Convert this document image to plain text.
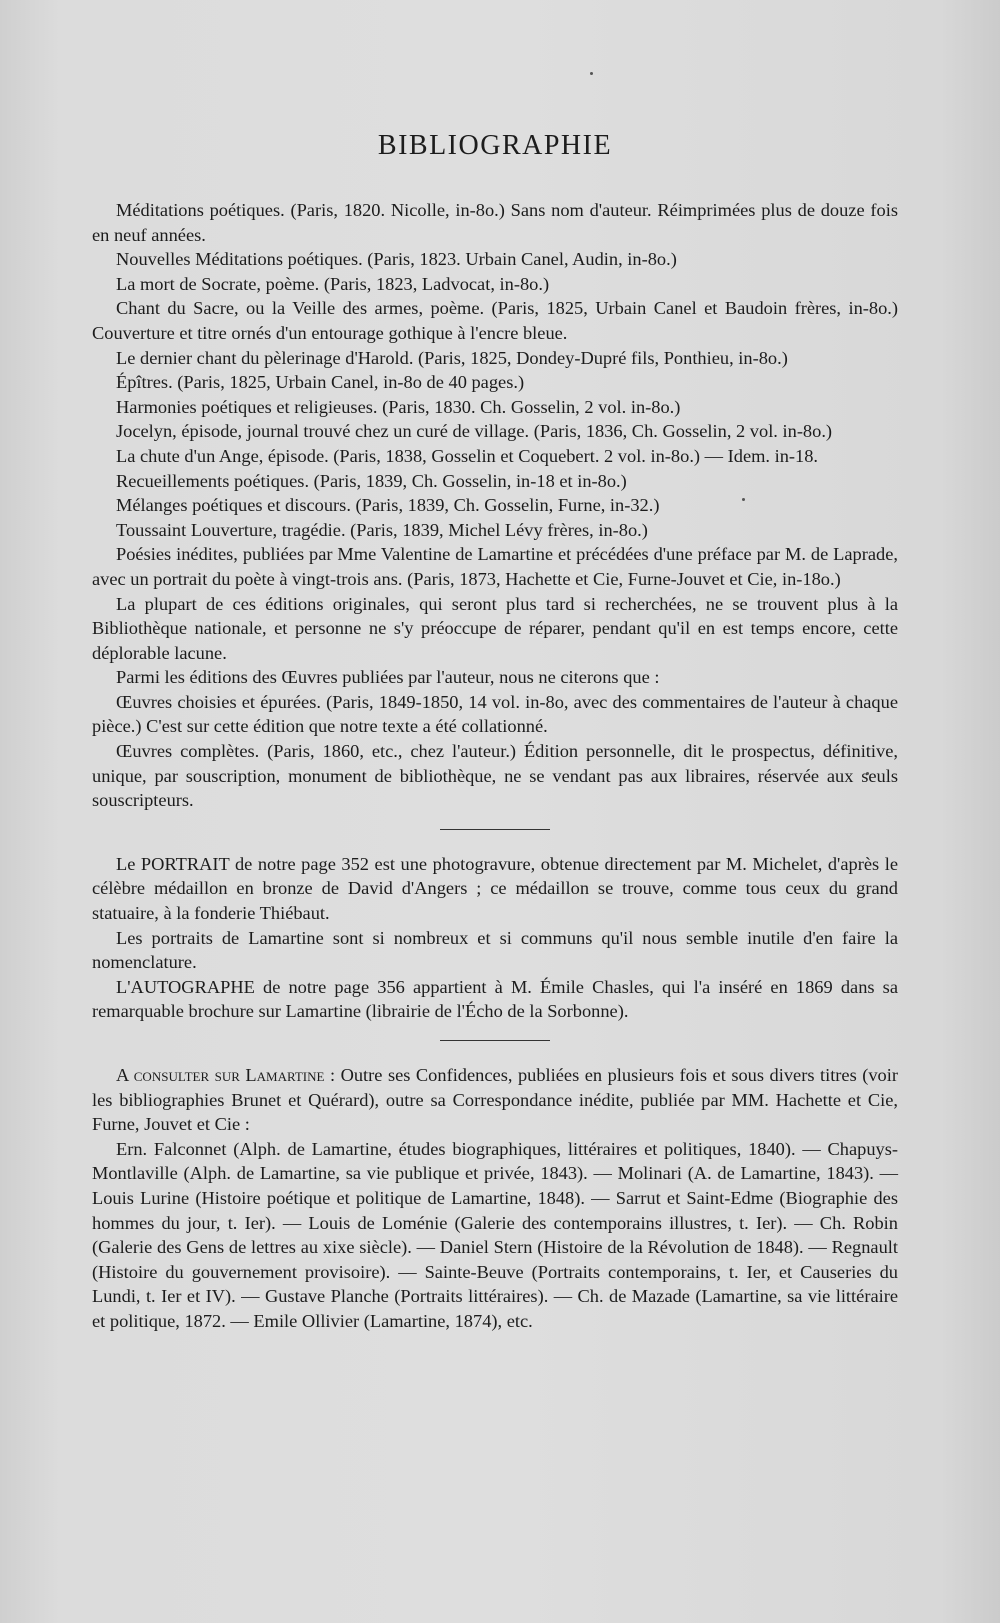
BIBLIOGRAPHIE

Méditations poétiques. (Paris, 1820. Nicolle, in-8o.) Sans nom d'auteur. Réimprimées plus de douze fois en neuf années.

Nouvelles Méditations poétiques. (Paris, 1823. Urbain Canel, Audin, in-8o.)

La mort de Socrate, poème. (Paris, 1823, Ladvocat, in-8o.)

Chant du Sacre, ou la Veille des armes, poème. (Paris, 1825, Urbain Canel et Baudoin frères, in-8o.) Couverture et titre ornés d'un entourage gothique à l'encre bleue.

Le dernier chant du pèlerinage d'Harold. (Paris, 1825, Dondey-Dupré fils, Ponthieu, in-8o.)

Épîtres. (Paris, 1825, Urbain Canel, in-8o de 40 pages.)

Harmonies poétiques et religieuses. (Paris, 1830. Ch. Gosselin, 2 vol. in-8o.)

Jocelyn, épisode, journal trouvé chez un curé de village. (Paris, 1836, Ch. Gosselin, 2 vol. in-8o.)

La chute d'un Ange, épisode. (Paris, 1838, Gosselin et Coquebert. 2 vol. in-8o.) — Idem. in-18.

Recueillements poétiques. (Paris, 1839, Ch. Gosselin, in-18 et in-8o.)

Mélanges poétiques et discours. (Paris, 1839, Ch. Gosselin, Furne, in-32.)

Toussaint Louverture, tragédie. (Paris, 1839, Michel Lévy frères, in-8o.)

Poésies inédites, publiées par Mme Valentine de Lamartine et précédées d'une préface par M. de Laprade, avec un portrait du poète à vingt-trois ans. (Paris, 1873, Hachette et Cie, Furne-Jouvet et Cie, in-18o.)

La plupart de ces éditions originales, qui seront plus tard si recherchées, ne se trouvent plus à la Bibliothèque nationale, et personne ne s'y préoccupe de réparer, pendant qu'il en est temps encore, cette déplorable lacune.

Parmi les éditions des Œuvres publiées par l'auteur, nous ne citerons que :

Œuvres choisies et épurées. (Paris, 1849-1850, 14 vol. in-8o, avec des commentaires de l'auteur à chaque pièce.) C'est sur cette édition que notre texte a été collationné.

Œuvres complètes. (Paris, 1860, etc., chez l'auteur.) Édition personnelle, dit le prospectus, définitive, unique, par souscription, monument de bibliothèque, ne se vendant pas aux libraires, réservée aux seuls souscripteurs.

Le PORTRAIT de notre page 352 est une photogravure, obtenue directement par M. Michelet, d'après le célèbre médaillon en bronze de David d'Angers ; ce médaillon se trouve, comme tous ceux du grand statuaire, à la fonderie Thiébaut.

Les portraits de Lamartine sont si nombreux et si communs qu'il nous semble inutile d'en faire la nomenclature.

L'AUTOGRAPHE de notre page 356 appartient à M. Émile Chasles, qui l'a inséré en 1869 dans sa remarquable brochure sur Lamartine (librairie de l'Écho de la Sorbonne).

A consulter sur Lamartine : Outre ses Confidences, publiées en plusieurs fois et sous divers titres (voir les bibliographies Brunet et Quérard), outre sa Correspondance inédite, publiée par MM. Hachette et Cie, Furne, Jouvet et Cie :

Ern. Falconnet (Alph. de Lamartine, études biographiques, littéraires et politiques, 1840). — Chapuys-Montlaville (Alph. de Lamartine, sa vie publique et privée, 1843). — Molinari (A. de Lamartine, 1843). — Louis Lurine (Histoire poétique et politique de Lamartine, 1848). — Sarrut et Saint-Edme (Biographie des hommes du jour, t. Ier). — Louis de Loménie (Galerie des contemporains illustres, t. Ier). — Ch. Robin (Galerie des Gens de lettres au xixe siècle). — Daniel Stern (Histoire de la Révolution de 1848). — Regnault (Histoire du gouvernement provisoire). — Sainte-Beuve (Portraits contemporains, t. Ier, et Causeries du Lundi, t. Ier et IV). — Gustave Planche (Portraits littéraires). — Ch. de Mazade (Lamartine, sa vie littéraire et politique, 1872. — Emile Ollivier (Lamartine, 1874), etc.
